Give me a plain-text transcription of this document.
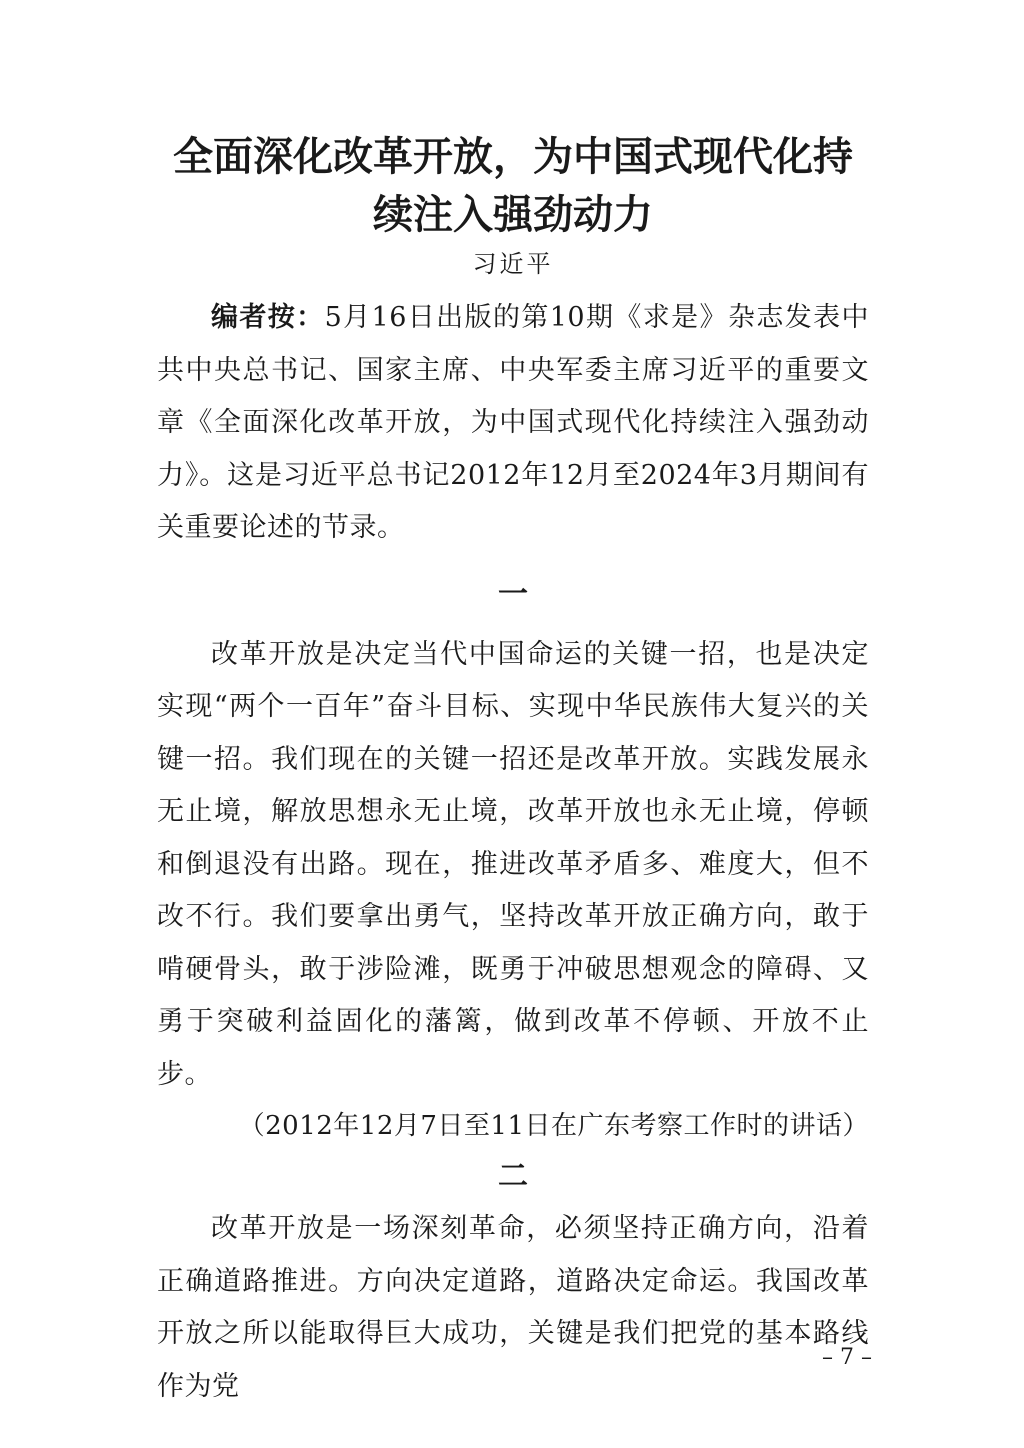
全面深化改革开放，为中国式现代化持续注入强劲动力
习近平

编者按：5月16日出版的第10期《求是》杂志发表中共中央总书记、国家主席、中央军委主席习近平的重要文章《全面深化改革开放，为中国式现代化持续注入强劲动力》。这是习近平总书记2012年12月至2024年3月期间有关重要论述的节录。

一

改革开放是决定当代中国命运的关键一招，也是决定实现“两个一百年”奋斗目标、实现中华民族伟大复兴的关键一招。我们现在的关键一招还是改革开放。实践发展永无止境，解放思想永无止境，改革开放也永无止境，停顿和倒退没有出路。现在，推进改革矛盾多、难度大，但不改不行。我们要拿出勇气，坚持改革开放正确方向，敢于啃硬骨头，敢于涉险滩，既勇于冲破思想观念的障碍、又勇于突破利益固化的藩篱，做到改革不停顿、开放不止步。

（2012年12月7日至11日在广东考察工作时的讲话）
二

改革开放是一场深刻革命，必须坚持正确方向，沿着正确道路推进。方向决定道路，道路决定命运。我国改革开放之所以能取得巨大成功，关键是我们把党的基本路线作为党

– 7 –
